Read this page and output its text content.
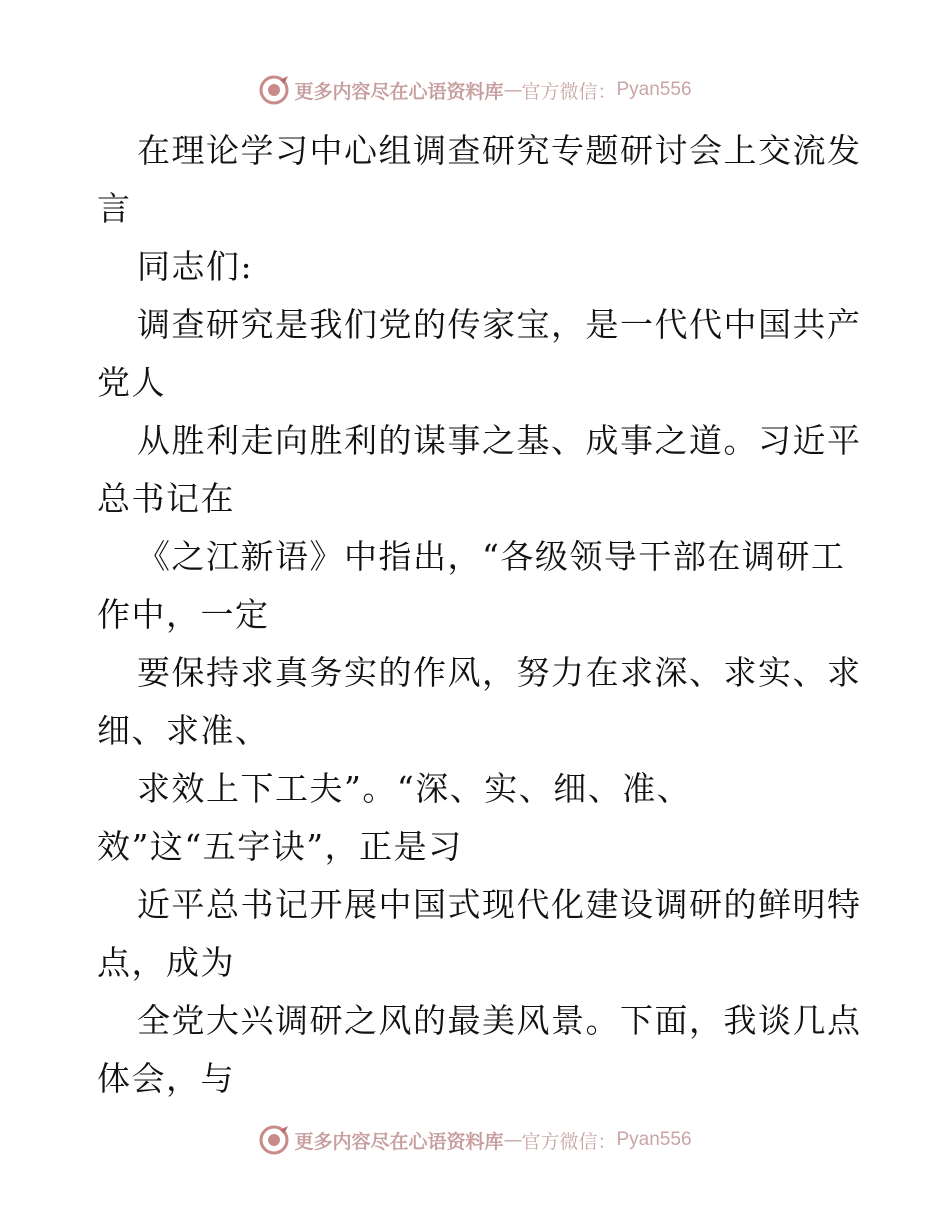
更多内容尽在心语资料库 — 官方微信： Pyan556
在理论学习中心组调查研究专题研讨会上交流发
言
同志们:
调查研究是我们党的传家宝，是一代代中国共产
党人
从胜利走向胜利的谋事之基、成事之道。习近平
总书记在
《之江新语》中指出，“各级领导干部在调研工
作中，一定
要保持求真务实的作风，努力在求深、求实、求
细、求准、
求效上下工夫”。“深、实、细、准、
效”这“五字诀”，正是习
近平总书记开展中国式现代化建设调研的鲜明特
点，成为
全党大兴调研之风的最美风景。下面，我谈几点
体会，与
更多内容尽在心语资料库 — 官方微信： Pyan556
